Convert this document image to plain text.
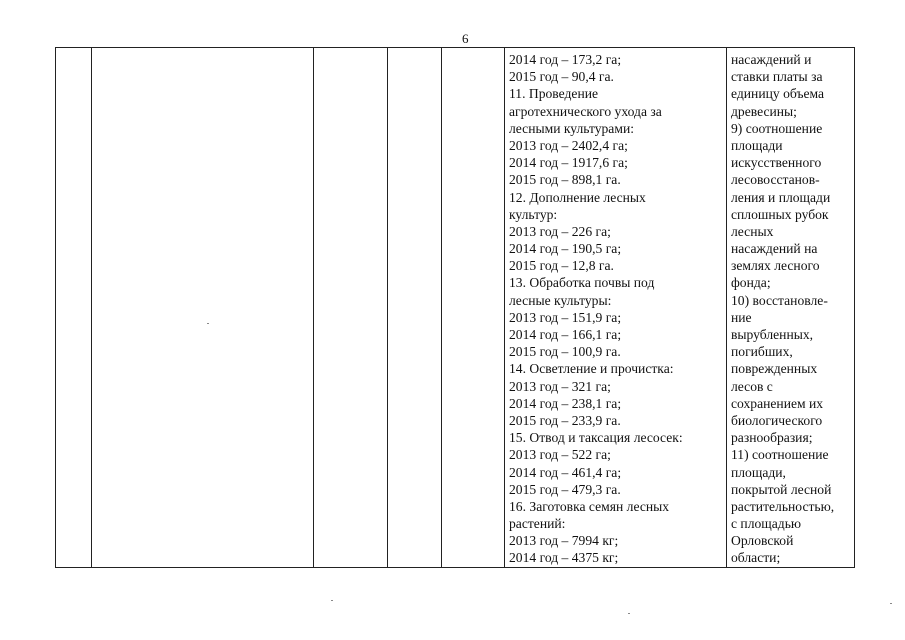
6

2014 год – 173,2 га;
2015 год – 90,4 га.
11. Проведение
агротехнического ухода за
лесными культурами:
2013 год – 2402,4 га;
2014 год – 1917,6 га;
2015 год – 898,1 га.
12. Дополнение лесных
культур:
2013 год – 226 га;
2014 год – 190,5 га;
2015 год – 12,8 га.
13. Обработка почвы под
лесные культуры:
2013 год – 151,9 га;
2014 год – 166,1 га;
2015 год – 100,9 га.
14. Осветление и прочистка:
2013 год – 321 га;
2014 год – 238,1 га;
2015 год – 233,9 га.
15. Отвод и таксация лесосек:
2013 год – 522 га;
2014 год – 461,4 га;
2015 год – 479,3 га.
16. Заготовка семян лесных
растений:
2013 год – 7994 кг;
2014 год – 4375 кг;

насаждений и
ставки платы за
единицу объема
древесины;
9) соотношение
площади
искусственного
лесовосстанов-
ления и площади
сплошных рубок
лесных
насаждений на
землях лесного
фонда;
10) восстановле-
ние
вырубленных,
погибших,
поврежденных
лесов с
сохранением их
биологического
разнообразия;
11) соотношение
площади,
покрытой лесной
растительностью,
с площадью
Орловской
области;
